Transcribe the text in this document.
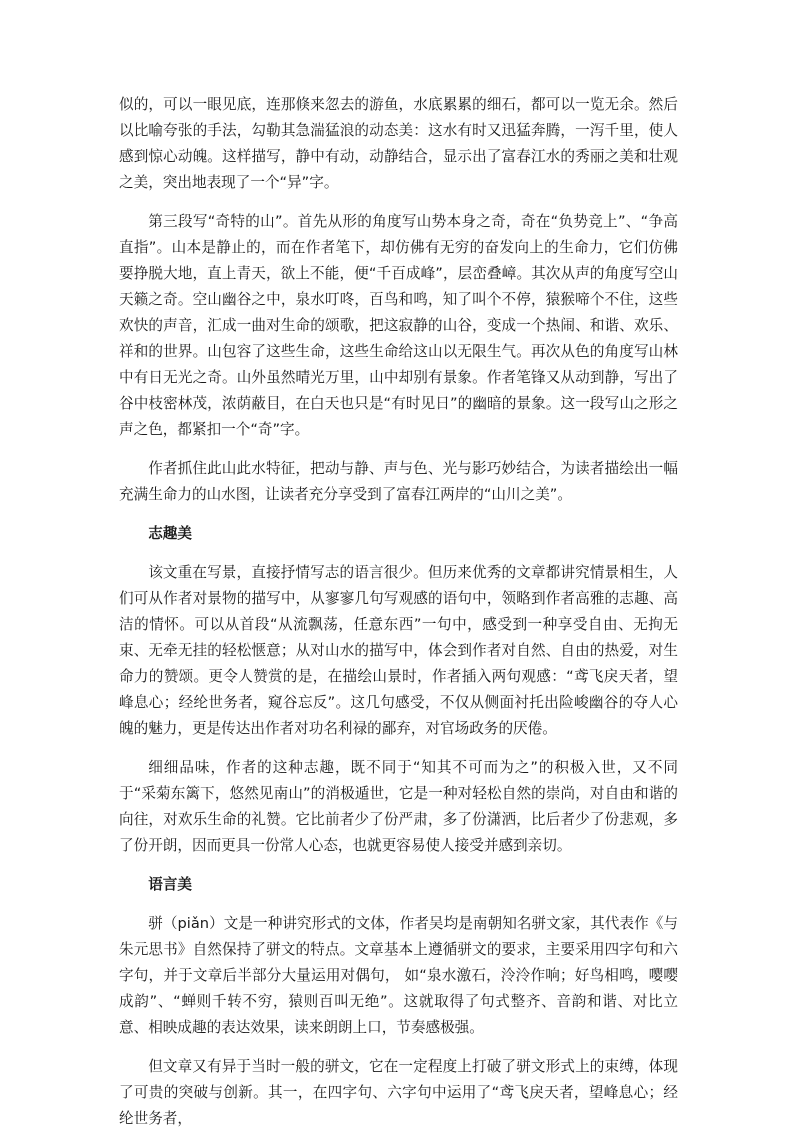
似的，可以一眼见底，连那倏来忽去的游鱼，水底累累的细石，都可以一览无余。然后以比喻夸张的手法，勾勒其急湍猛浪的动态美：这水有时又迅猛奔腾，一泻千里，使人感到惊心动魄。这样描写，静中有动，动静结合，显示出了富春江水的秀丽之美和壮观之美，突出地表现了一个“异”字。

第三段写“奇特的山”。首先从形的角度写山势本身之奇，奇在“负势竞上”、“争高直指”。山本是静止的，而在作者笔下，却仿佛有无穷的奋发向上的生命力，它们仿佛要挣脱大地，直上青天，欲上不能，便“千百成峰”，层峦叠嶂。其次从声的角度写空山天籁之奇。空山幽谷之中，泉水叮咚，百鸟和鸣，知了叫个不停，猿猴啼个不住，这些欢快的声音，汇成一曲对生命的颂歌，把这寂静的山谷，变成一个热闹、和谐、欢乐、祥和的世界。山包容了这些生命，这些生命给这山以无限生气。再次从色的角度写山林中有日无光之奇。山外虽然晴光万里，山中却别有景象。作者笔锋又从动到静，写出了谷中枝密林茂，浓荫蔽目，在白天也只是“有时见日”的幽暗的景象。这一段写山之形之声之色，都紧扣一个“奇”字。

作者抓住此山此水特征，把动与静、声与色、光与影巧妙结合，为读者描绘出一幅充满生命力的山水图，让读者充分享受到了富春江两岸的“山川之美”。

志趣美

该文重在写景，直接抒情写志的语言很少。但历来优秀的文章都讲究情景相生，人们可从作者对景物的描写中，从寥寥几句写观感的语句中，领略到作者高雅的志趣、高洁的情怀。可以从首段“从流飘荡，任意东西”一句中，感受到一种享受自由、无拘无束、无牵无挂的轻松惬意；从对山水的描写中，体会到作者对自然、自由的热爱，对生命力的赞颂。更令人赞赏的是，在描绘山景时，作者插入两句观感：“鸢飞戾天者，望峰息心；经纶世务者，窥谷忘反”。这几句感受，不仅从侧面衬托出险峻幽谷的夺人心魄的魅力，更是传达出作者对功名利禄的鄙弃，对官场政务的厌倦。

细细品味，作者的这种志趣，既不同于“知其不可而为之”的积极入世，又不同于“采菊东篱下，悠然见南山”的消极遁世，它是一种对轻松自然的崇尚，对自由和谐的向往，对欢乐生命的礼赞。它比前者少了份严肃，多了份潇洒，比后者少了份悲观，多了份开朗，因而更具一份常人心态，也就更容易使人接受并感到亲切。

语言美

骈（piǎn）文是一种讲究形式的文体，作者吴均是南朝知名骈文家，其代表作《与朱元思书》自然保持了骈文的特点。文章基本上遵循骈文的要求，主要采用四字句和六字句，并于文章后半部分大量运用对偶句， 如“泉水激石，泠泠作响；好鸟相鸣，嘤嘤成韵”、“蝉则千转不穷，猿则百叫无绝”。这就取得了句式整齐、音韵和谐、对比立意、相映成趣的表达效果，读来朗朗上口，节奏感极强。

但文章又有异于当时一般的骈文，它在一定程度上打破了骈文形式上的束缚，体现了可贵的突破与创新。其一，在四字句、六字句中运用了“鸢飞戾天者，望峰息心；经纶世务者，
